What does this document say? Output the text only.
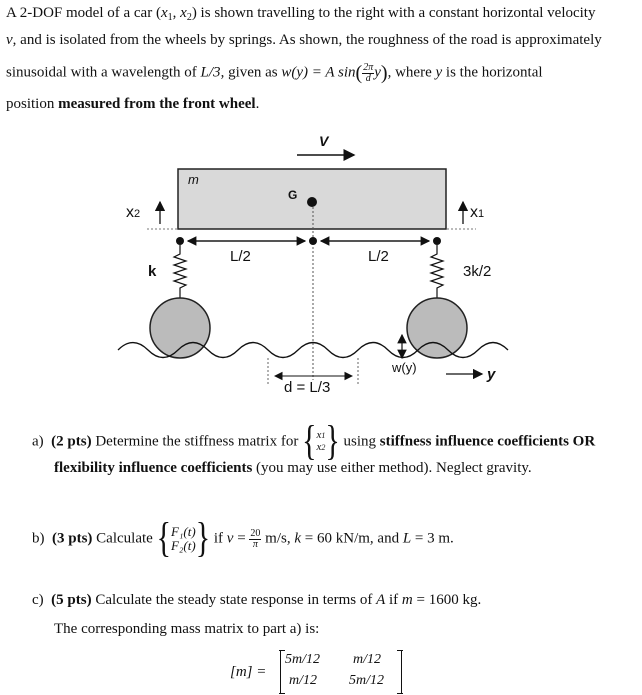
A 2-DOF model of a car ($x_1$, $x_2$) is shown travelling to the right with a constant horizontal velocity
v, and is isolated from the wheels by springs. As shown, the roughness of the road is approximately
sinusoidal with a wavelength of L/3, given as w(y) = A $\sin( \frac{2\pi}{d} y)$, where y is the horizontal
position measured from the front wheel.
V
m
G
x2	x1
L/2	L/2
k	3k/2
w(y)	y
d = L/3
a) (2 pts) Determine the stiffness matrix for {x1
x2} using stiffness influence coefficients OR
flexibility influence coefficients (you may use either method). Neglect gravity.
b) (3 pts) Calculate {F₁(t)
F₂(t)} if $v = \frac{20}{\pi} m/s$, k = 60 kN/m, and L = 3 m.
c) (5 pts) Calculate the steady state response in terms of A if m = 1600 kg.
The corresponding mass matrix to part a) is:
[m] =
5m/12 m/12
m/12 5m/12
